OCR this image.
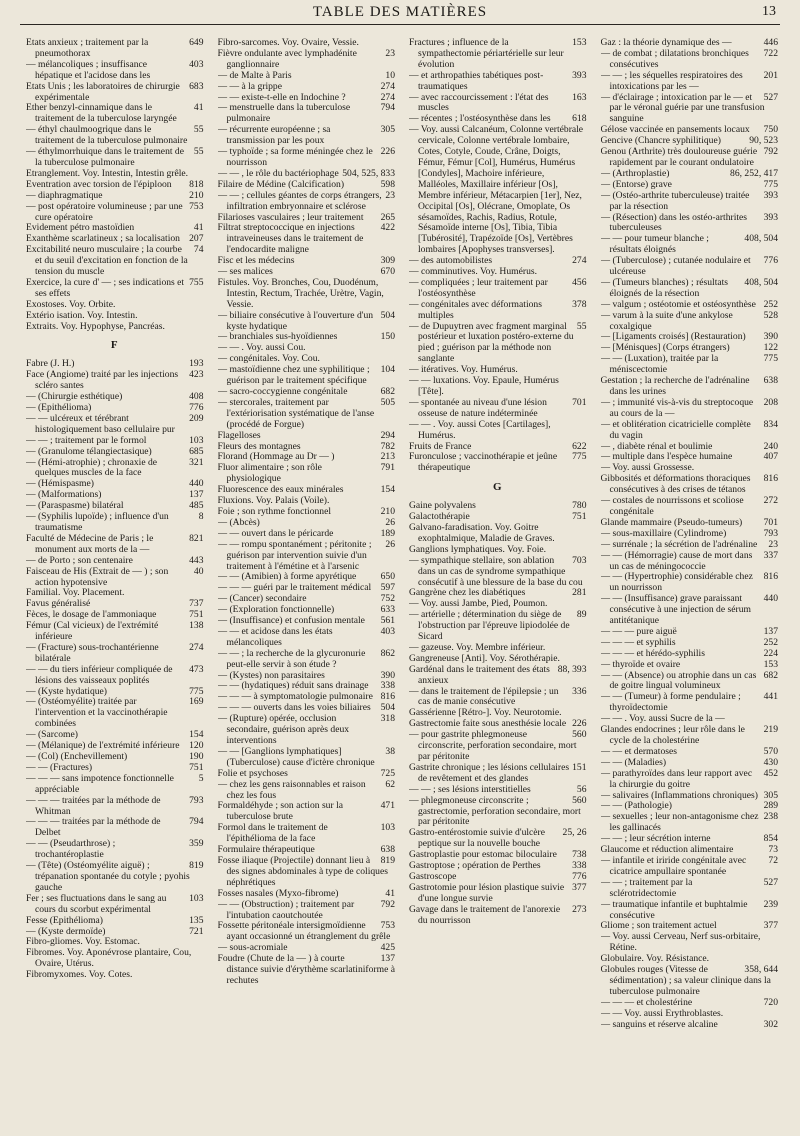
TABLE DES MATIÈRES	13

649
Etats anxieux ; traitement par la pneumothorax

403
— mélancoliques ; insuffisance hépatique et l'acidose dans les

683
Etats Unis ; les laboratoires de chirurgie expérimentale

41
Ether benzyl-cinnamique dans le traitement de la tuberculose laryngée

55
— éthyl chaulmoogrique dans le traitement de la tuberculose pulmonaire

55
— éthylmorrhuique dans le traitement de la tuberculose pulmonaire

Etranglement. Voy. Intestin, Intestin grêle.

818
Eventration avec torsion de l'épiploon

210
— diaphragmatique

753
— post opératoire volumineuse ; par une cure opératoire

41
Evidement pétro mastoïdien

207
Exanthème scarlatineux ; sa localisation

74
Excitabilité neuro musculaire ; la courbe et du seuil d'excitation en fonction de la tension du muscle

755
Exercice, la cure d' — ; ses indications et ses effets

Exostoses. Voy. Orbite.

Extério isation. Voy. Intestin.

Extraits. Voy. Hypophyse, Pancréas.

F

193
Fabre (J. H.)

423
Face (Angiome) traité par les injections scléro santes

408
— (Chirurgie esthétique)

776
— (Epithélioma)

209
— — ulcéreux et térébrant histologiquement baso cellulaire pur

103
— — ; traitement par le formol

685
— (Granulome télangiectasique)

321
— (Hémi-atrophie) ; chronaxie de quelques muscles de la face

440
— (Hémispasme)

137
— (Malformations)

485
— (Paraspasme) bilatéral

8
— (Syphilis lupoïde) ; influence d'un traumatisme

821
Faculté de Médecine de Paris ; le monument aux morts de la —

443
— de Porto ; son centenaire

40
Faisceau de His (Extrait de — ) ; son action hypotensive

Familial. Voy. Placement.

737
Favus généralisé

751
Fèces, le dosage de l'ammoniaque

138
Fémur (Cal vicieux) de l'extrémité inférieure

274
— (Fracture) sous-trochantérienne bilatérale

473
— — du tiers inférieur compliquée de lésions des vaisseaux poplités

775
— (Kyste hydatique)

169
— (Ostéomyélite) traitée par l'intervention et la vaccinothérapie combinées

154
— (Sarcome)

120
— (Mélanique) de l'extrémité inférieure

190
— (Col) (Enchevillement)

751
— — (Fractures)

5
— — — sans impotence fonctionnelle appréciable

793
— — — traitées par la méthode de Whitman

794
— — — traitées par la méthode de Delbet

359
— — (Pseudarthrose) ; trochantéroplastie

819
— (Tête) (Ostéomyélite aiguë) ; trépanation spontanée du cotyle ; pyohis gauche

103
Fer ; ses fluctuations dans le sang au cours du scorbut expérimental

135
Fesse (Epithélioma)

721
— (Kyste dermoïde)

Fibro-gliomes. Voy. Estomac.

Fibromes. Voy. Aponévrose plantaire, Cou, Ovaire, Utérus.

Fibromyxomes. Voy. Cotes.

Fibro-sarcomes. Voy. Ovaire, Vessie.

23
Fièvre ondulante avec lymphadénite ganglionnaire

10
— de Malte à Paris

274
— — à la grippe

274
— — existe-t-elle en Indochine ?

794
— menstruelle dans la tuberculose pulmonaire

305
— récurrente européenne ; sa transmission par les poux

226
— typhoïde ; sa forme méningée chez le nourrisson

504, 525, 833
— — , le rôle du bactériophage

598
Filaire de Médine (Calcification)

23
— — ; cellules géantes de corps étrangers, infiltration embryonnaire et sclérose

265
Filarioses vasculaires ; leur traitement

422
Filtrat streptococcique en injections intraveineuses dans le traitement de l'endocardite maligne

309
Fisc et les médecins

670
— ses malices

Fistules. Voy. Bronches, Cou, Duodénum, Intestin, Rectum, Trachée, Urètre, Vagin, Vessie.

504
— biliaire consécutive à l'ouverture d'un kyste hydatique

150
— branchiales sus-hyoïdiennes

— — . Voy. aussi Cou.

— congénitales. Voy. Cou.

104
— mastoïdienne chez une syphilitique ; guérison par le traitement spécifique

682
— sacro-coccygienne congénitale

505
— stercorales, traitement par l'extériorisation systématique de l'anse (procédé de Forgue)

294
Flagelloses

782
Fleurs des montagnes

213
Florand (Hommage au Dr — )

791
Fluor alimentaire ; son rôle physiologique

154
Fluorescence des eaux minérales

Fluxions. Voy. Palais (Voile).

210
Foie ; son rythme fonctionnel

26
— (Abcès)

189
— — ouvert dans le péricarde

26
— — rompu spontanément ; péritonite ; guérison par intervention suivie d'un traitement à l'émétine et à l'arsenic

650
— — (Amibien) à forme apyrétique

597
— — — guéri par le traitement médical

752
— (Cancer) secondaire

633
— (Exploration fonctionnelle)

561
— (Insuffisance) et confusion mentale

403
— — et acidose dans les états mélancoliques

862
— — ; la recherche de la glycuronurie peut-elle servir à son étude ?

390
— (Kystes) non parasitaires

338
— — (hydatiques) réduit sans drainage

816
— — — à symptomatologie pulmonaire

504
— — — ouverts dans les voies biliaires

318
— (Rupture) opérée, occlusion secondaire, guérison après deux interventions

38
— — [Ganglions lymphatiques] (Tuberculose) cause d'ictère chronique

725
Folie et psychoses

62
— chez les gens raisonnables et raison chez les fous

471
Formaldéhyde ; son action sur la tuberculose brute

103
Formol dans le traitement de l'épithélioma de la face

638
Formulaire thérapeutique

819
Fosse iliaque (Projectile) donnant lieu à des signes abdominales à type de coliques néphrétiques

41
Fosses nasales (Myxo-fibrome)

792
— — (Obstruction) ; traitement par l'intubation caoutchoutée

753
Fossette péritonéale intersigmoïdienne ayant occasionné un étranglement du grêle

425
— sous-acromiale

137
Foudre (Chute de la — ) à courte distance suivie d'érythème scarlatiniforme à rechutes

153
Fractures ; influence de la sympathectomie périartérielle sur leur évolution

393
— et arthropathies tabétiques post-traumatiques

163
— avec raccourcissement : l'état des muscles

618
— récentes ; l'ostéosynthèse dans les

— Voy. aussi Calcanéum, Colonne vertébrale cervicale, Colonne vertébrale lombaire, Cotes, Cotyle, Coude, Crâne, Doigts, Fémur, Fémur [Col], Humérus, Humérus [Condyles], Machoire inférieure, Malléoles, Maxillaire inférieur [Os], Membre inférieur, Métacarpien [1er], Nez, Occipital [Os], Olécrane, Omoplate, Os sésamoïdes, Rachis, Radius, Rotule, Sésamoïde interne [Os], Tibia, Tibia [Tubérosité], Trapézoïde [Os], Vertèbres lombaires [Apophyses transverses].

274
— des automobilistes

— comminutives. Voy. Humérus.

456
— compliquées ; leur traitement par l'ostéosynthèse

378
— congénitales avec déformations multiples

55
— de Dupuytren avec fragment marginal postérieur et luxation postéro-externe du pied ; guérison par la méthode non sanglante

— itératives. Voy. Humérus.

— — luxations. Voy. Epaule, Humérus [Tête].

701
— spontanée au niveau d'une lésion osseuse de nature indéterminée

— — . Voy. aussi Cotes [Cartilages], Humérus.

622
Fruits de France

775
Furonculose ; vaccinothérapie et jeûne thérapeutique

G

780
Gaine polyvalens

751
Galactothérapie

Galvano-faradisation. Voy. Goitre exophtalmique, Maladie de Graves.

Ganglions lymphatiques. Voy. Foie.

703
— sympathique stellaire, son ablation dans un cas de syndrome sympathique consécutif à une blessure de la base du cou

281
Gangrène chez les diabétiques

— Voy. aussi Jambe, Pied, Poumon.

89
— artérielle ; détermination du siège de l'obstruction par l'épreuve lipiodolée de Sicard

— gazeuse. Voy. Membre inférieur.

Gangreneuse [Anti]. Voy. Sérothérapie.

88, 393
Gardénal dans le traitement des états anxieux

336
— dans le traitement de l'épilepsie ; un cas de manie consécutive

Gassérienne [Rétro-]. Voy. Neurotomie.

226
Gastrectomie faite sous anesthésie locale

560
— pour gastrite phlegmoneuse circonscrite, perforation secondaire, mort par péritonite

151
Gastrite chronique ; les lésions cellulaires de revêtement et des glandes

56
— — ; ses lésions interstitielles

560
— phlegmoneuse circonscrite ; gastrectomie, perforation secondaire, mort par péritonite

25, 26
Gastro-entérostomie suivie d'ulcère peptique sur la nouvelle bouche

738
Gastroplastie pour estomac biloculaire

338
Gastroptose ; opération de Perthes

776
Gastroscope

377
Gastrotomie pour lésion plastique suivie d'une longue survie

273
Gavage dans le traitement de l'anorexie du nourrisson

446
Gaz : la théorie dynamique des —

722
— de combat ; dilatations bronchiques consécutives

201
— — ; les séquelles respiratoires des intoxications par les —

527
— d'éclairage ; intoxication par le — et par le véronal guérie par une transfusion sanguine

750
Gélose vaccinée en pansements locaux

90, 523
Gencive (Chancre syphilitique)

792
Genou (Arthrite) très douloureuse guérie rapidement par le courant ondulatoire

86, 252, 417
— (Arthroplastie)

775
— (Entorse) grave

393
— (Ostéo-arthrite tuberculeuse) traitée par la résection

393
— (Résection) dans les ostéo-arthrites tuberculeuses

408, 504
— — pour tumeur blanche ; résultats éloignés

776
— (Tuberculose) ; cutanée nodulaire et ulcéreuse

408, 504
— (Tumeurs blanches) ; résultats éloignés de la résection

252
— valgum ; ostéotomie et ostéosynthèse

528
— varum à la suite d'une ankylose coxalgique

390
— [Ligaments croisés] (Restauration)

122
— [Ménisques] (Corps étrangers)

775
— — (Luxation), traitée par la méniscectomie

638
Gestation ; la recherche de l'adrénaline dans les urines

208
— ; immunité vis-à-vis du streptocoque au cours de la —

834
— et oblitération cicatricielle complète du vagin

240
— , diabète rénal et boulimie

407
— multiple dans l'espèce humaine

— Voy. aussi Grossesse.

816
Gibbosités et déformations thoraciques consécutives à des crises de tétanos

272
— costales de nourrissons et scoliose congénitale

701
Glande mammaire (Pseudo-tumeurs)

793
— sous-maxillaire (Cylindrome)

23
— surrénale ; la sécrétion de l'adrénaline

337
— — (Hémorragie) cause de mort dans un cas de méningococcie

816
— — (Hypertrophie) considérable chez un nourrisson

440
— — (Insuffisance) grave paraissant consécutive à une injection de sérum antitétanique

137
— — — pure aiguë

252
— — — et syphilis

224
— — — et hérédo-syphilis

153
— thyroïde et ovaire

682
— — (Absence) ou atrophie dans un cas de goitre lingual volumineux

441
— — (Tumeur) à forme pendulaire ; thyroïdectomie

— — . Voy. aussi Sucre de la —

219
Glandes endocrines ; leur rôle dans le cycle de la cholestérine

570
— — et dermatoses

430
— — (Maladies)

452
— parathyroïdes dans leur rapport avec la chirurgie du goitre

305
— salivaires (Inflammations chroniques)

289
— — (Pathologie)

238
— sexuelles ; leur non-antagonisme chez les gallinacés

854
— — ; leur sécrétion interne

73
Glaucome et réduction alimentaire

72
— infantile et iriride congénitale avec cicatrice ampullaire spontanée

527
— — ; traitement par la sclérotridectomie

239
— traumatique infantile et buphtalmie consécutive

377
Gliome ; son traitement actuel

— Voy. aussi Cerveau, Nerf sus-orbitaire, Rétine.

Globulaire. Voy. Résistance.

358, 644
Globules rouges (Vitesse de sédimentation) ; sa valeur clinique dans la tuberculose pulmonaire

720
— — — et cholestérine

— — Voy. aussi Erythroblastes.

302
— sanguins et réserve alcaline
